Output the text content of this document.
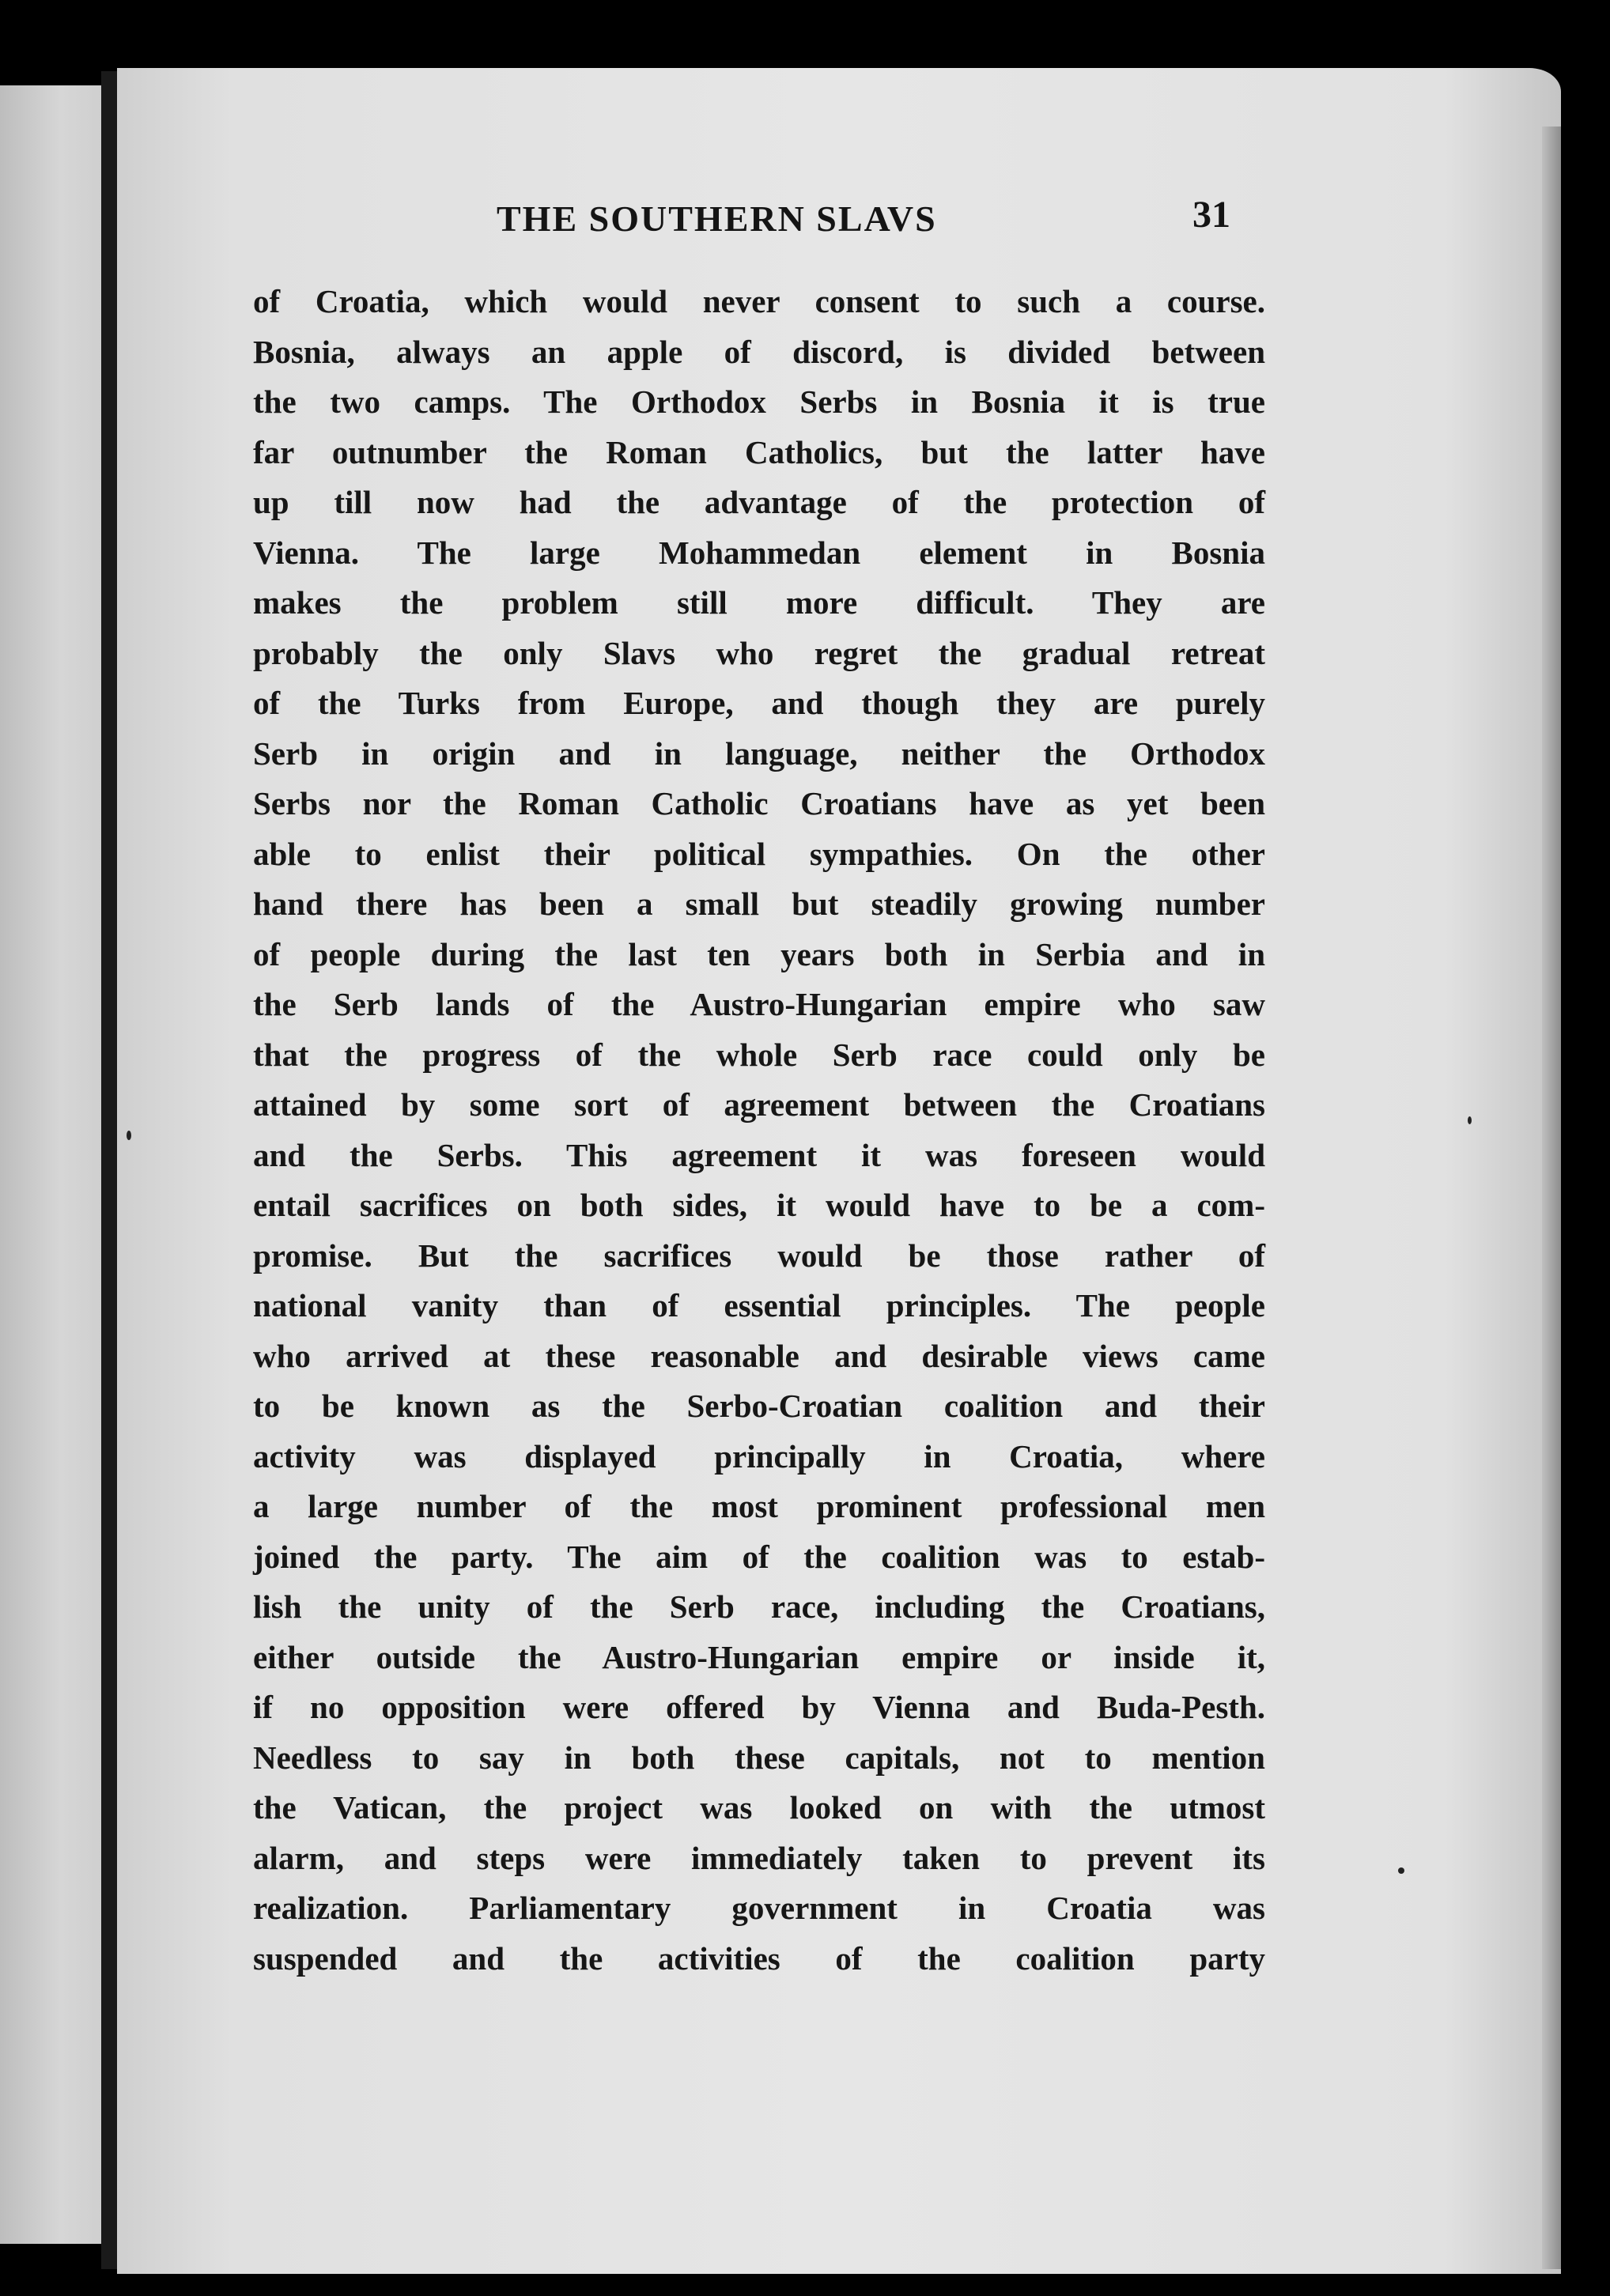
THE SOUTHERN SLAVS	31
of Croatia, which would never consent to such a course.
Bosnia, always an apple of discord, is divided between
the two camps. The Orthodox Serbs in Bosnia it is true
far outnumber the Roman Catholics, but the latter have
up till now had the advantage of the protection of
Vienna. The large Mohammedan element in Bosnia
makes the problem still more difficult. They are
probably the only Slavs who regret the gradual retreat
of the Turks from Europe, and though they are purely
Serb in origin and in language, neither the Orthodox
Serbs nor the Roman Catholic Croatians have as yet been
able to enlist their political sympathies. On the other
hand there has been a small but steadily growing number
of people during the last ten years both in Serbia and in
the Serb lands of the Austro-Hungarian empire who saw
that the progress of the whole Serb race could only be
attained by some sort of agreement between the Croatians
and the Serbs. This agreement it was foreseen would
entail sacrifices on both sides, it would have to be a com-
promise. But the sacrifices would be those rather of
national vanity than of essential principles. The people
who arrived at these reasonable and desirable views came
to be known as the Serbo-Croatian coalition and their
activity was displayed principally in Croatia, where
a large number of the most prominent professional men
joined the party. The aim of the coalition was to estab-
lish the unity of the Serb race, including the Croatians,
either outside the Austro-Hungarian empire or inside it,
if no opposition were offered by Vienna and Buda-Pesth.
Needless to say in both these capitals, not to mention
the Vatican, the project was looked on with the utmost
alarm, and steps were immediately taken to prevent its
realization. Parliamentary government in Croatia was
suspended and the activities of the coalition party
